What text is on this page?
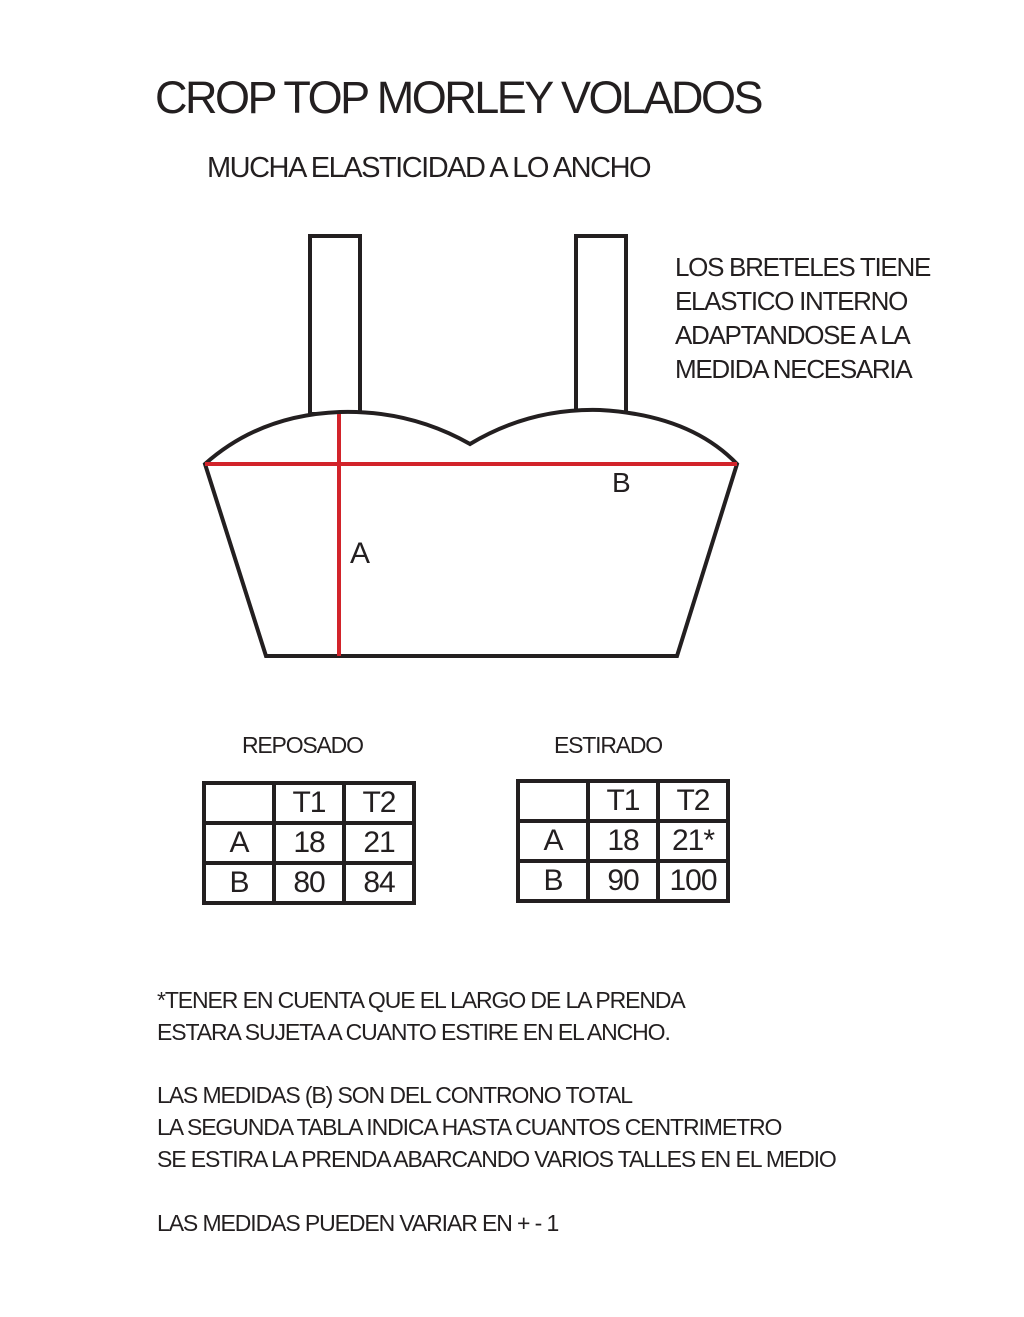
CROP TOP MORLEY VOLADOS
MUCHA ELASTICIDAD A LO ANCHO
LOS BRETELES TIENE
ELASTICO INTERNO
ADAPTANDOSE A LA
MEDIDA NECESARIA
A
B
REPOSADO	ESTIRADO
	T1	T2
A	18	21
B	80	84
	T1	T2
A	18	21*
B	90	100
*TENER EN CUENTA QUE EL LARGO DE LA PRENDA
ESTARA SUJETA A CUANTO ESTIRE EN EL ANCHO.
LAS MEDIDAS (B) SON DEL CONTRONO TOTAL
LA SEGUNDA TABLA INDICA HASTA CUANTOS CENTRIMETRO
SE ESTIRA LA PRENDA ABARCANDO VARIOS TALLES EN EL MEDIO
LAS MEDIDAS PUEDEN VARIAR EN + - 1
